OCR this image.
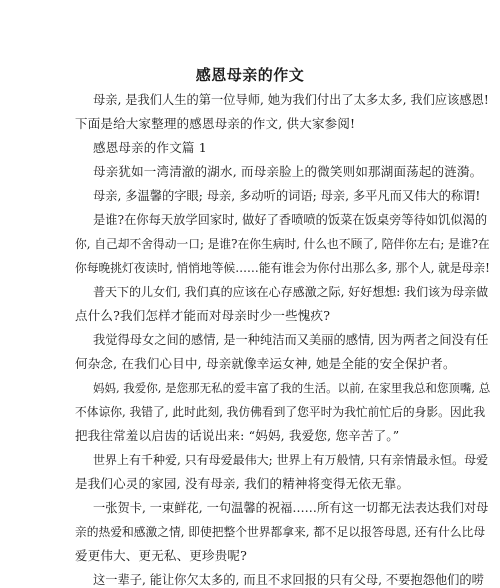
感恩母亲的作文
母亲, 是我们人生的第一位导师, 她为我们付出了太多太多, 我们应该感恩!
下面是给大家整理的感恩母亲的作文, 供大家参阅!
感恩母亲的作文篇 1
母亲犹如一湾清澈的湖水, 而母亲脸上的微笑则如那湖面荡起的涟漪。
母亲, 多温馨的字眼; 母亲, 多动听的词语; 母亲, 多平凡而又伟大的称谓!
是谁?在你每天放学回家时, 做好了香喷喷的饭菜在饭桌旁等待如饥似渴的
你, 自己却不舍得动一口; 是谁?在你生病时, 什么也不顾了, 陪伴你左右; 是谁?在
你每晚挑灯夜读时, 悄悄地等候……能有谁会为你付出那么多, 那个人, 就是母亲!
普天下的儿女们, 我们真的应该在心存感激之际, 好好想想: 我们该为母亲做
点什么?我们怎样才能而对母亲时少一些愧疚?
我觉得母女之间的感情, 是一种纯洁而又美丽的感情, 因为两者之间没有任
何杂念, 在我们心目中, 母亲就像幸运女神, 她是全能的安全保护者。
妈妈, 我爱你, 是您那无私的爱丰富了我的生活。以前, 在家里我总和您顶嘴, 总
不体谅你, 我错了, 此时此刻, 我仿佛看到了您平时为我忙前忙后的身影。因此我
把我往常羞以启齿的话说出来: “妈妈, 我爱您, 您辛苦了。”
世界上有千种爱, 只有母爱最伟大; 世界上有万般情, 只有亲情最永恒。母爱
是我们心灵的家园, 没有母亲, 我们的精神将变得无依无靠。
一张贺卡, 一束鲜花, 一句温馨的祝福……所有这一切都无法表达我们对母
亲的热爱和感激之情, 即使把整个世界都拿来, 都不足以报答母恩, 还有什么比母
爱更伟大、更无私、更珍贵呢?
这一辈子, 能让你欠太多的, 而且不求回报的只有父母, 不要抱怨他们的唠
